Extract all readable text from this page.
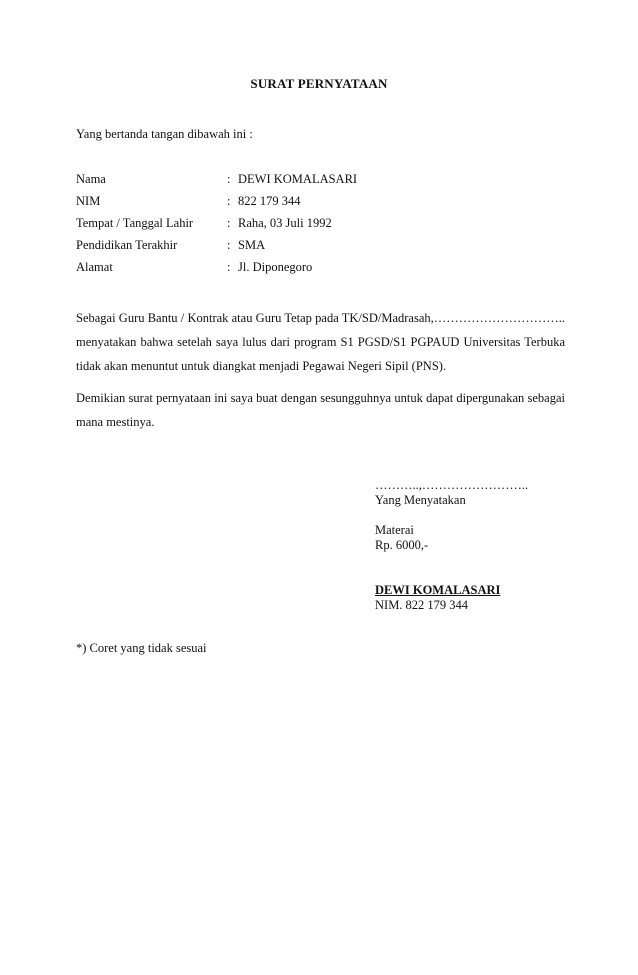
SURAT PERNYATAAN
Yang bertanda tangan dibawah ini :
Nama	: DEWI KOMALASARI
NIM	: 822 179 344
Tempat / Tanggal Lahir	: Raha, 03 Juli 1992
Pendidikan Terakhir	: SMA
Alamat	: Jl. Diponegoro
Sebagai Guru Bantu / Kontrak atau Guru Tetap pada TK/SD/Madrasah,………………………….. menyatakan bahwa setelah saya lulus dari program S1 PGSD/S1 PGPAUD Universitas Terbuka tidak akan menuntut untuk diangkat menjadi Pegawai Negeri Sipil (PNS).
Demikian surat pernyataan ini saya buat dengan sesungguhnya untuk dapat dipergunakan sebagai mana mestinya.
………..,……………………..
Yang Menyatakan
Materai
Rp. 6000,-
DEWI KOMALASARI
NIM. 822 179 344
*) Coret yang tidak sesuai
